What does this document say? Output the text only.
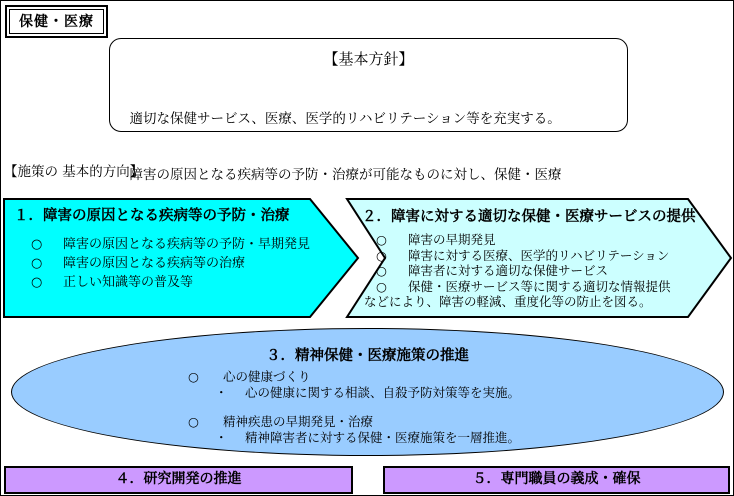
保健・医療
【基本方針】

　適切な保健サービス、医療、医学的リハビリテーション等を充実する。

　障害の原因となる疾病等の予防・治療が可能なものに対し、保健・医療

【施策の 基本的方向】
１．障害の原因となる疾病等の予防・治療
○ 障害の原因となる疾病等の予防・早期発見
○ 障害の原因となる疾病等の治療
○ 正しい知識等の普及等
２．障害に対する適切な保健・医療サービスの提供
○ 障害の早期発見
○ 障害に対する医療、医学的リハビリテーション
○ 障害者に対する適切な保健サービス
○ 保健・医療サービス等に関する適切な情報提供
などにより、障害の軽減、重度化等の防止を図る。
３．精神保健・医療施策の推進
○ 心の健康づくり
・ 心の健康に関する相談、自殺予防対策等を実施。
○ 精神疾患の早期発見・治療
・ 精神障害者に対する保健・医療施策を一層推進。
４．研究開発の推進	５．専門職員の義成・確保
